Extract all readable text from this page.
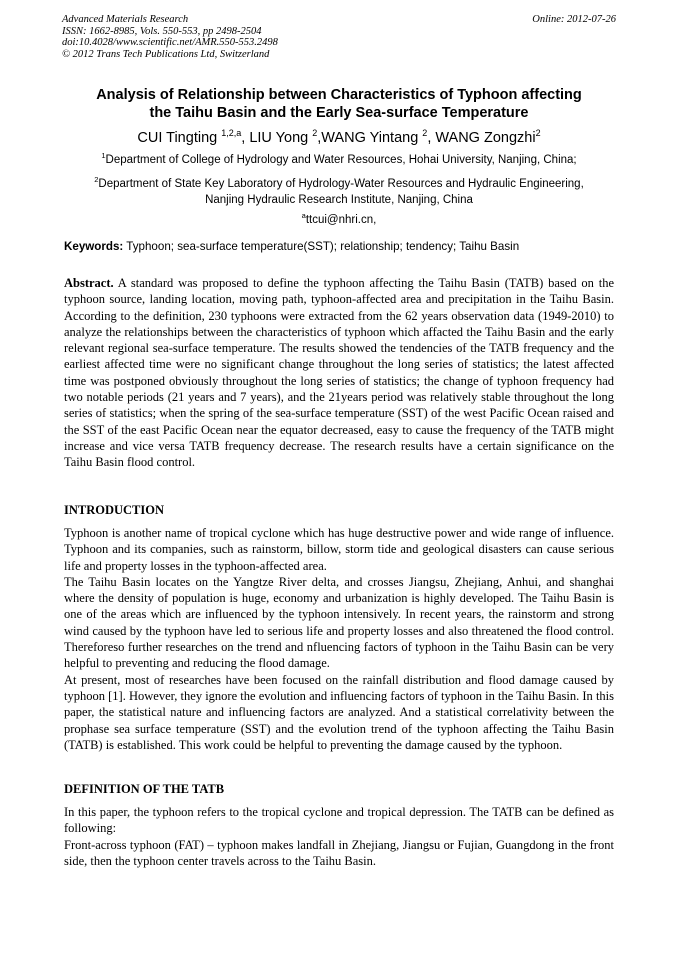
Advanced Materials Research
ISSN: 1662-8985, Vols. 550-553, pp 2498-2504
doi:10.4028/www.scientific.net/AMR.550-553.2498
© 2012 Trans Tech Publications Ltd, Switzerland
Online: 2012-07-26
Analysis of Relationship between Characteristics of Typhoon affecting
the Taihu Basin and the Early Sea-surface Temperature
CUI Tingting $^{1,2,a}$, LIU Yong $^2$,WANG Yintang $^2$, WANG Zongzhi$^2$
$^1$Department of College of Hydrology and Water Resources, Hohai University, Nanjing, China;
$^2$Department of State Key Laboratory of Hydrology-Water Resources and Hydraulic Engineering,
Nanjing Hydraulic Research Institute, Nanjing, China
$^a$ttcui@nhri.cn,
Keywords: Typhoon; sea-surface temperature(SST); relationship; tendency; Taihu Basin

Abstract. A standard was proposed to define the typhoon affecting the Taihu Basin (TATB) based on the typhoon source, landing location, moving path, typhoon-affected area and precipitation in the Taihu Basin. According to the definition, 230 typhoons were extracted from the 62 years observation data (1949-2010) to analyze the relationships between the characteristics of typhoon which affacted the Taihu Basin and the early relevant regional sea-surface temperature. The results showed the tendencies of the TATB frequency and the earliest affected time were no significant change throughout the long series of statistics; the latest affected time was postponed obviously throughout the long series of statistics; the change of typhoon frequency had two notable periods (21 years and 7 years), and the 21years period was relatively stable throughout the long series of statistics; when the spring of the sea-surface temperature (SST) of the west Pacific Ocean raised and the SST of the east Pacific Ocean near the equator decreased, easy to cause the frequency of the TATB might increase and vice versa TATB frequency decrease. The research results have a certain significance on the Taihu Basin flood control.

INTRODUCTION

Typhoon is another name of tropical cyclone which has huge destructive power and wide range of influence. Typhoon and its companies, such as rainstorm, billow, storm tide and geological disasters can cause serious life and property losses in the typhoon-affected area.

The Taihu Basin locates on the Yangtze River delta, and crosses Jiangsu, Zhejiang, Anhui, and shanghai where the density of population is huge, economy and urbanization is highly developed. The Taihu Basin is one of the areas which are influenced by the typhoon intensively. In recent years, the rainstorm and strong wind caused by the typhoon have led to serious life and property losses and also threatened the flood control. Thereforeso further researches on the trend and nfluencing factors of typhoon in the Taihu Basin can be very helpful to preventing and reducing the flood damage.

At present, most of researches have been focused on the rainfall distribution and flood damage caused by typhoon [1]. However, they ignore the evolution and influencing factors of typhoon in the Taihu Basin. In this paper, the statistical nature and influencing factors are analyzed. And a statistical correlativity between the prophase sea surface temperature (SST) and the evolution trend of the typhoon affecting the Taihu Basin (TATB) is established. This work could be helpful to preventing the damage caused by the typhoon.

DEFINITION OF THE TATB

In this paper, the typhoon refers to the tropical cyclone and tropical depression. The TATB can be defined as following:

Front-across typhoon (FAT) – typhoon makes landfall in Zhejiang, Jiangsu or Fujian, Guangdong in the front side, then the typhoon center travels across to the Taihu Basin.
